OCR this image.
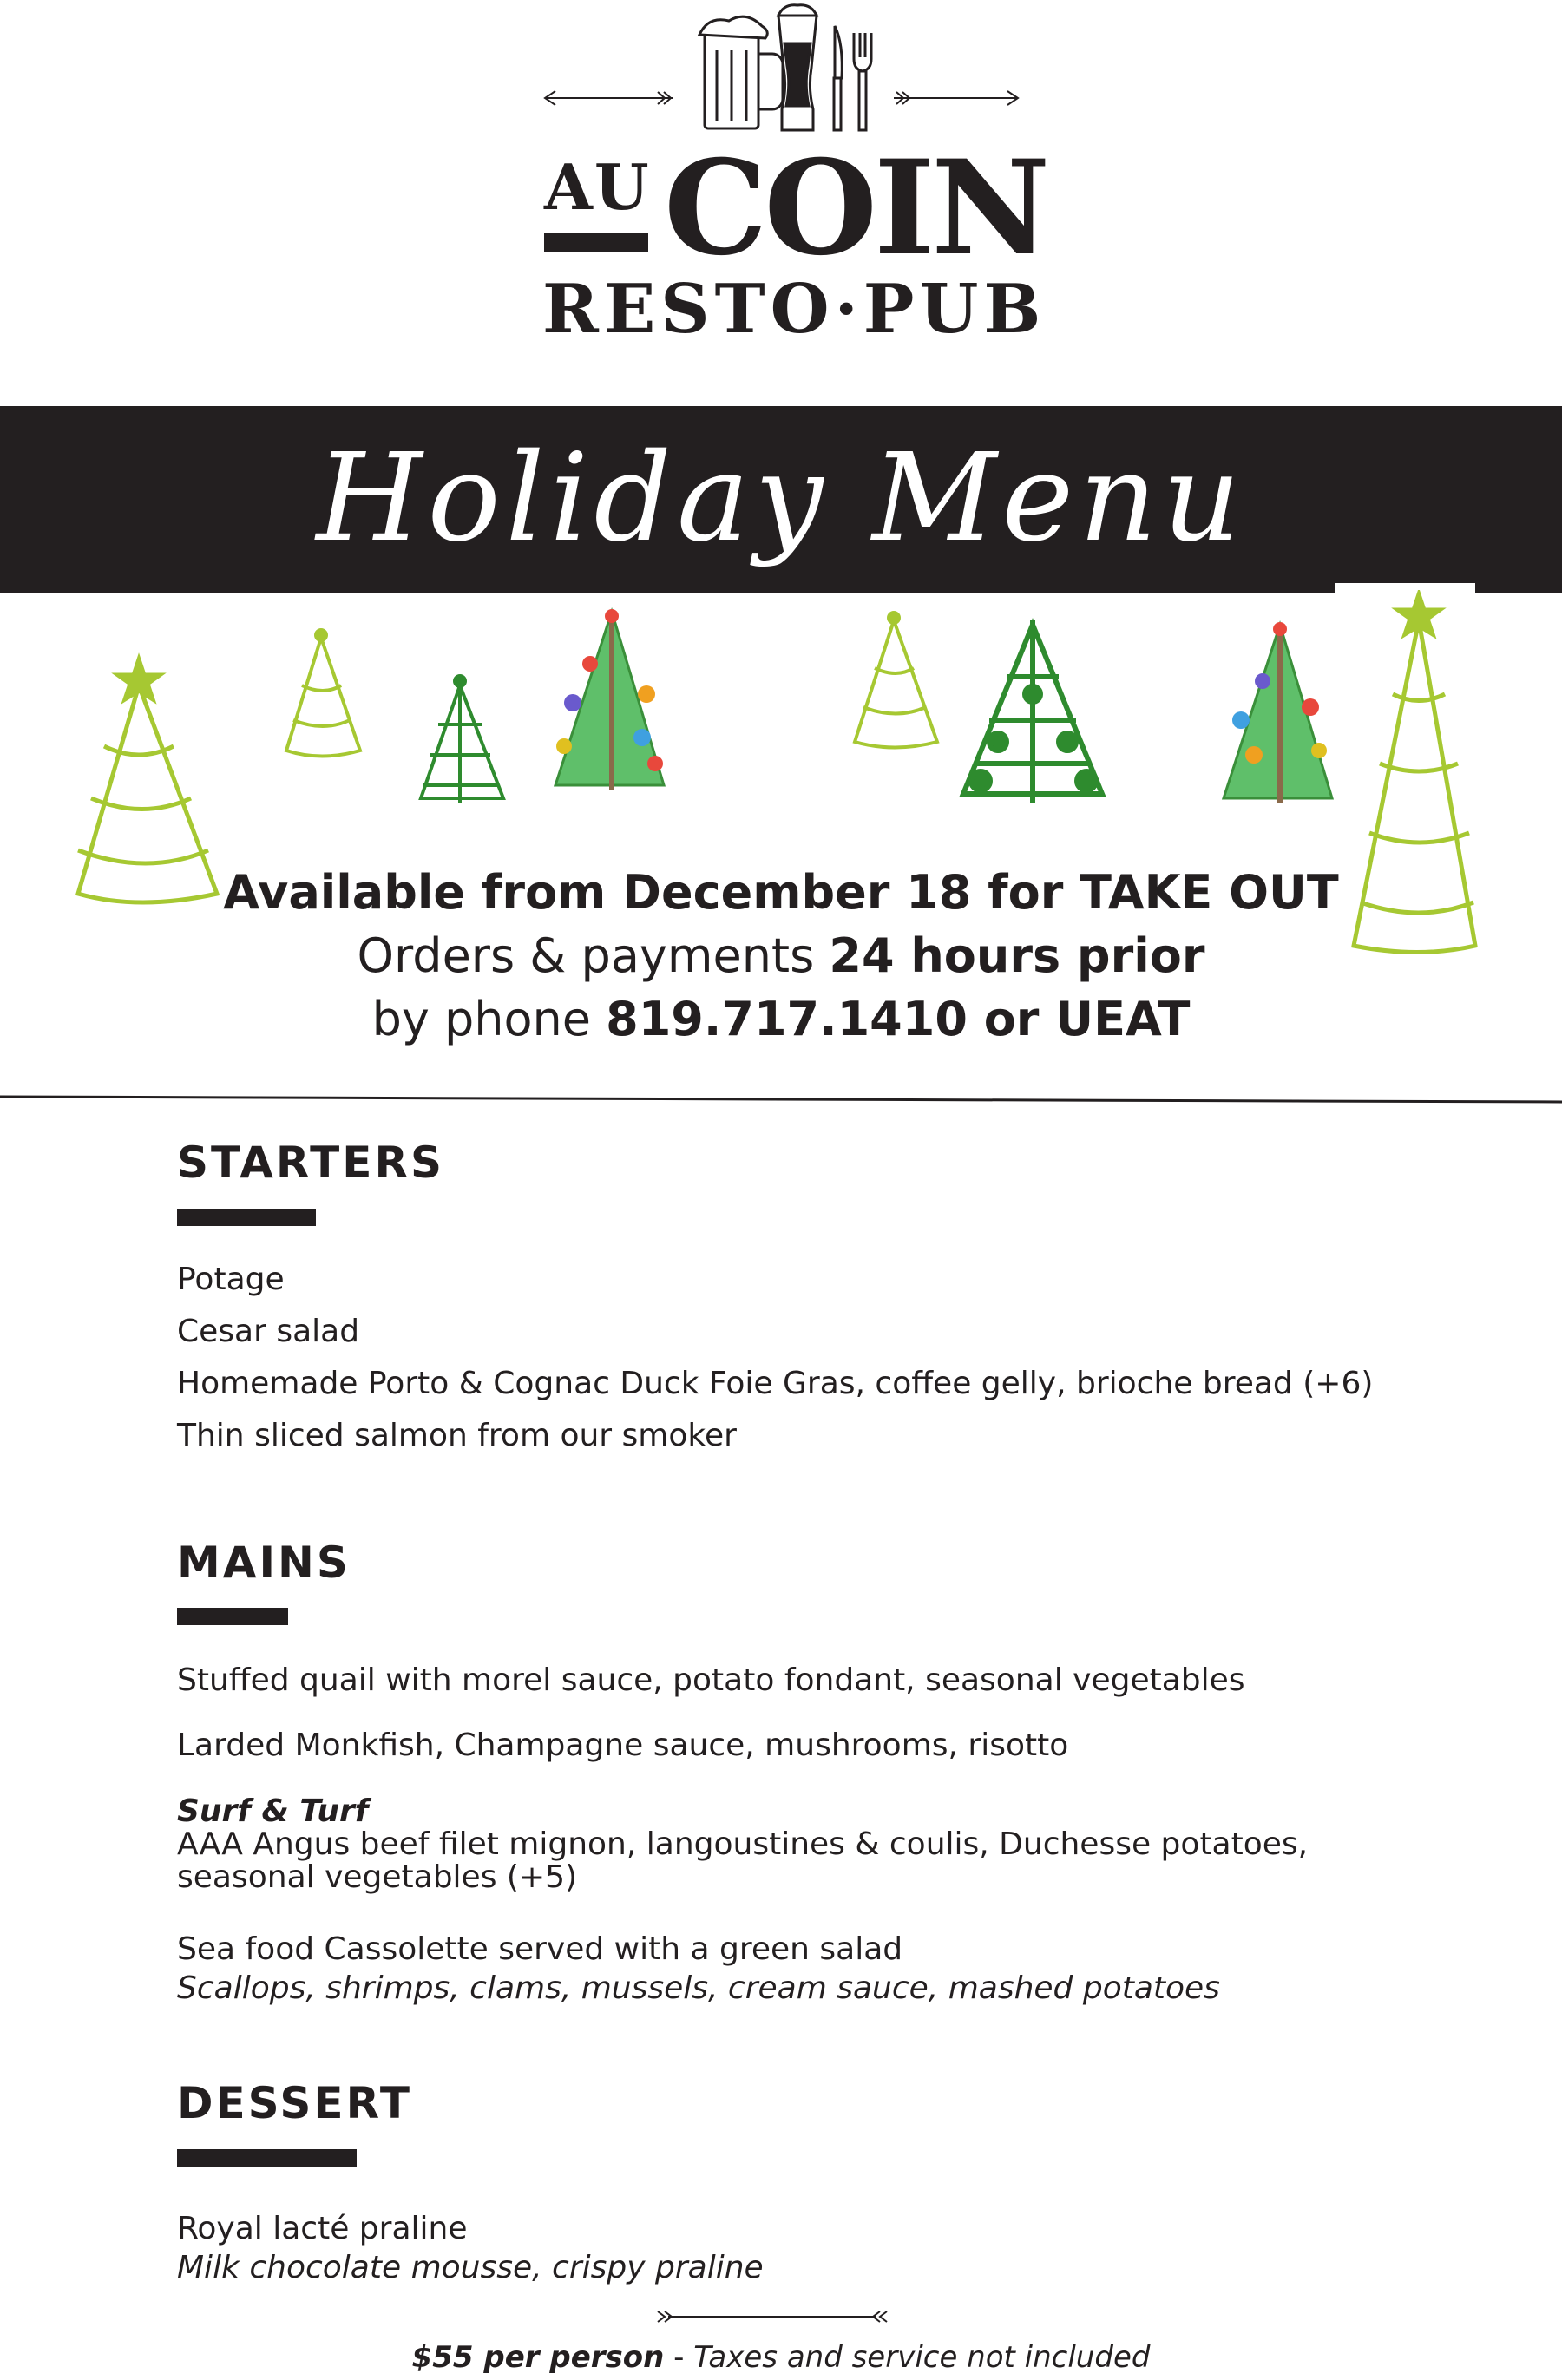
AU COIN
RESTO·PUB
Holiday Menu
Available from December 18 for TAKE OUT
Orders & payments 24 hours prior
by phone 819.717.1410 or UEAT
STARTERS
Potage
Cesar salad
Homemade Porto & Cognac Duck Foie Gras, coffee gelly, brioche bread (+6)
Thin sliced salmon from our smoker
MAINS
Stuffed quail with morel sauce, potato fondant, seasonal vegetables
Larded Monkfish, Champagne sauce, mushrooms, risotto
Surf & Turf
AAA Angus beef filet mignon, langoustines & coulis, Duchesse potatoes,
seasonal vegetables (+5)
Sea food Cassolette served with a green salad
Scallops, shrimps, clams, mussels, cream sauce, mashed potatoes
DESSERT
Royal lacté praline
Milk chocolate mousse, crispy praline
$55 per person - Taxes and service not included
